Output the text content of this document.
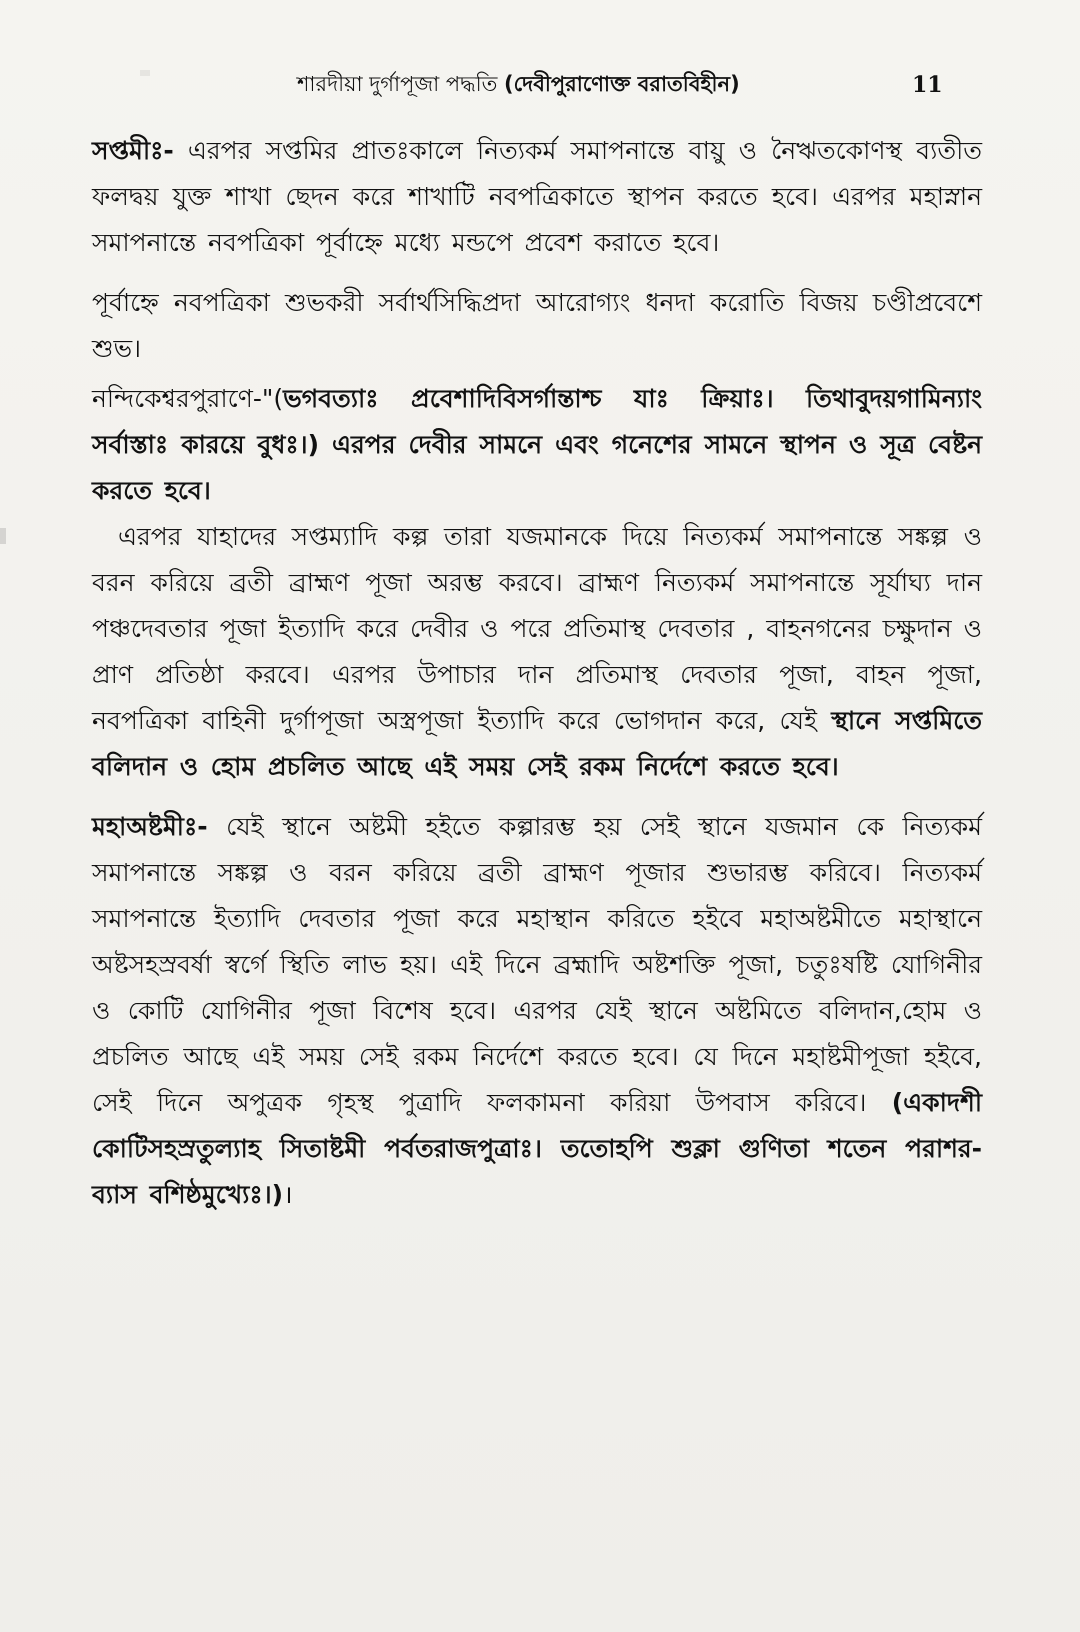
শারদীয়া দুর্গাপূজা পদ্ধতি (দেবীপুরাণোক্ত বরাতবিহীন)	11

সপ্তমীঃ- এরপর সপ্তমির প্রাতঃকালে নিত্যকর্ম সমাপনান্তে বায়ু ও নৈঋতকোণস্থ ব্যতীত ফলদ্বয় যুক্ত শাখা ছেদন করে শাখাটি নবপত্রিকাতে স্থাপন করতে হবে। এরপর মহাস্নান সমাপনান্তে নবপত্রিকা পূর্বাহ্নে মধ্যে মন্ডপে প্রবেশ করাতে হবে।

পূর্বাহ্নে নবপত্রিকা শুভকরী সর্বার্থসিদ্ধিপ্রদা আরোগ্যং ধনদা করোতি বিজয় চণ্ডীপ্রবেশে শুভ।

নন্দিকেশ্বরপুরাণে-"(ভগবত্যাঃ প্রবেশাদিবিসর্গান্তাশ্চ যাঃ ক্রিয়াঃ। তিথাবুদয়গামিন্যাং সর্বাস্তাঃ কারয়ে বুধঃ।) এরপর দেবীর সামনে এবং গনেশের সামনে স্থাপন ও সূত্র বেষ্টন করতে হবে।

এরপর যাহাদের সপ্তম্যাদি কল্প তারা যজমানকে দিয়ে নিত্যকর্ম সমাপনান্তে সঙ্কল্প ও বরন করিয়ে ব্রতী ব্রাহ্মণ পূজা অরম্ভ করবে। ব্রাহ্মণ নিত্যকর্ম সমাপনান্তে সূর্যাঘ্য দান পঞ্চদেবতার পূজা ইত্যাদি করে দেবীর ও পরে প্রতিমাস্থ দেবতার , বাহনগনের চক্ষুদান ও প্রাণ প্রতিষ্ঠা করবে। এরপর উপাচার দান প্রতিমাস্থ দেবতার পূজা, বাহন পূজা, নবপত্রিকা বাহিনী দুর্গাপূজা অস্ত্রপূজা ইত্যাদি করে ভোগদান করে, যেই স্থানে সপ্তমিতে বলিদান ও হোম প্রচলিত আছে এই সময় সেই রকম নির্দেশে করতে হবে।

মহাঅষ্টমীঃ- যেই স্থানে অষ্টমী হইতে কল্পারম্ভ হয় সেই স্থানে যজমান কে নিত্যকর্ম সমাপনান্তে সঙ্কল্প ও বরন করিয়ে ব্রতী ব্রাহ্মণ পূজার শুভারম্ভ করিবে। নিত্যকর্ম সমাপনান্তে ইত্যাদি দেবতার পূজা করে মহাস্থান করিতে হইবে মহাঅষ্টমীতে মহাস্থানে অষ্টসহস্রবর্ষা স্বর্গে স্থিতি লাভ হয়। এই দিনে ব্রহ্মাদি অষ্টশক্তি পূজা, চতুঃষষ্টি যোগিনীর ও কোটি যোগিনীর পূজা বিশেষ হবে। এরপর যেই স্থানে অষ্টমিতে বলিদান,হোম ও প্রচলিত আছে এই সময় সেই রকম নির্দেশে করতে হবে। যে দিনে মহাষ্টমীপূজা হইবে, সেই দিনে অপুত্রক গৃহস্থ পুত্রাদি ফলকামনা করিয়া উপবাস করিবে। (একাদশী কোটিসহস্রতুল্যাহ সিতাষ্টমী পর্বতরাজপুত্রাঃ। ততোহপি শুক্লা গুণিতা শতেন পরাশর-ব্যাস বশিষ্ঠমুখ্যেঃ।)।
